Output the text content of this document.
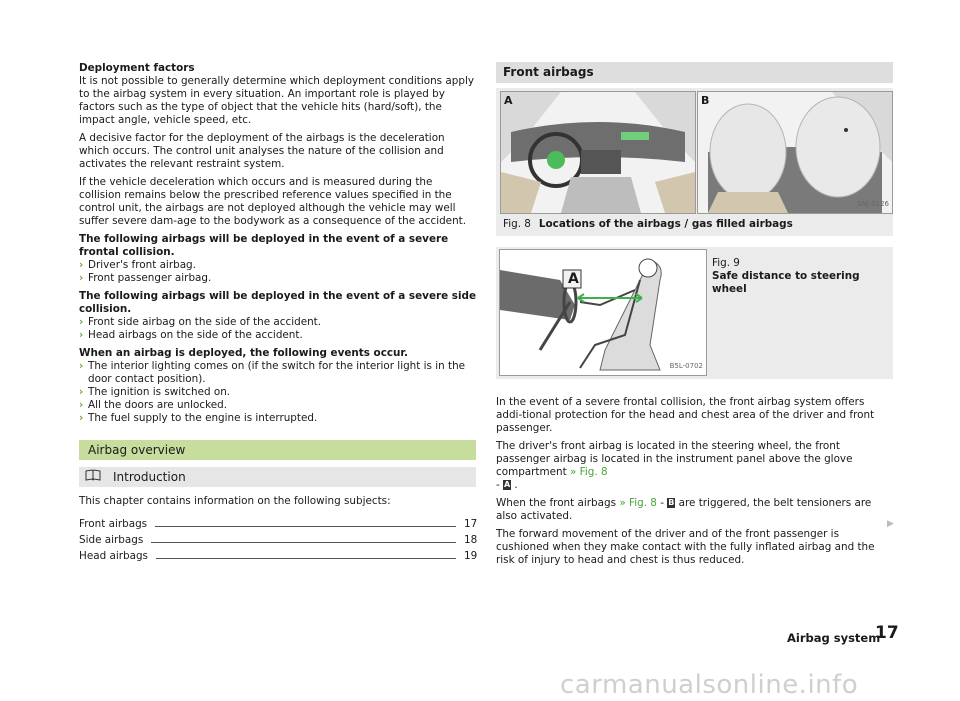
Deployment factors

It is not possible to generally determine which deployment conditions apply to the airbag system in every situation. An important role is played by factors such as the type of object that the vehicle hits (hard/soft), the impact angle, vehicle speed, etc.

A decisive factor for the deployment of the airbags is the deceleration which occurs. The control unit analyses the nature of the collision and activates the relevant restraint system.

If the vehicle deceleration which occurs and is measured during the collision remains below the prescribed reference values specified in the control unit, the airbags are not deployed although the vehicle may well suffer severe dam-age to the bodywork as a consequence of the accident.

The following airbags will be deployed in the event of a severe frontal collision.
› Driver's front airbag.
› Front passenger airbag.
The following airbags will be deployed in the event of a severe side collision.
› Front side airbag on the side of the accident.
› Head airbags on the side of the accident.
When an airbag is deployed, the following events occur.
› The interior lighting comes on (if the switch for the interior light is in the door contact position).
› The ignition is switched on.
› All the doors are unlocked.
› The fuel supply to the engine is interrupted.
Airbag overview
Introduction

This chapter contains information on the following subjects:

Front airbags	17
Side airbags	18
Head airbags	19
Front airbags
A	B
SNJ-0126
Fig. 8 Locations of the airbags / gas filled airbags
A
B5L-0702
Fig. 9
Safe distance to steering wheel

In the event of a severe frontal collision, the front airbag system offers addi-tional protection for the head and chest area of the driver and front passenger.

The driver's front airbag is located in the steering wheel, the front passenger airbag is located in the instrument panel above the glove compartment » Fig. 8
- A .

When the front airbags » Fig. 8 - B are triggered, the belt tensioners are also activated.

The forward movement of the driver and of the front passenger is cushioned when they make contact with the fully inflated airbag and the risk of injury to head and chest is thus reduced.

▶
Airbag system
17
carmanualsonline.info
